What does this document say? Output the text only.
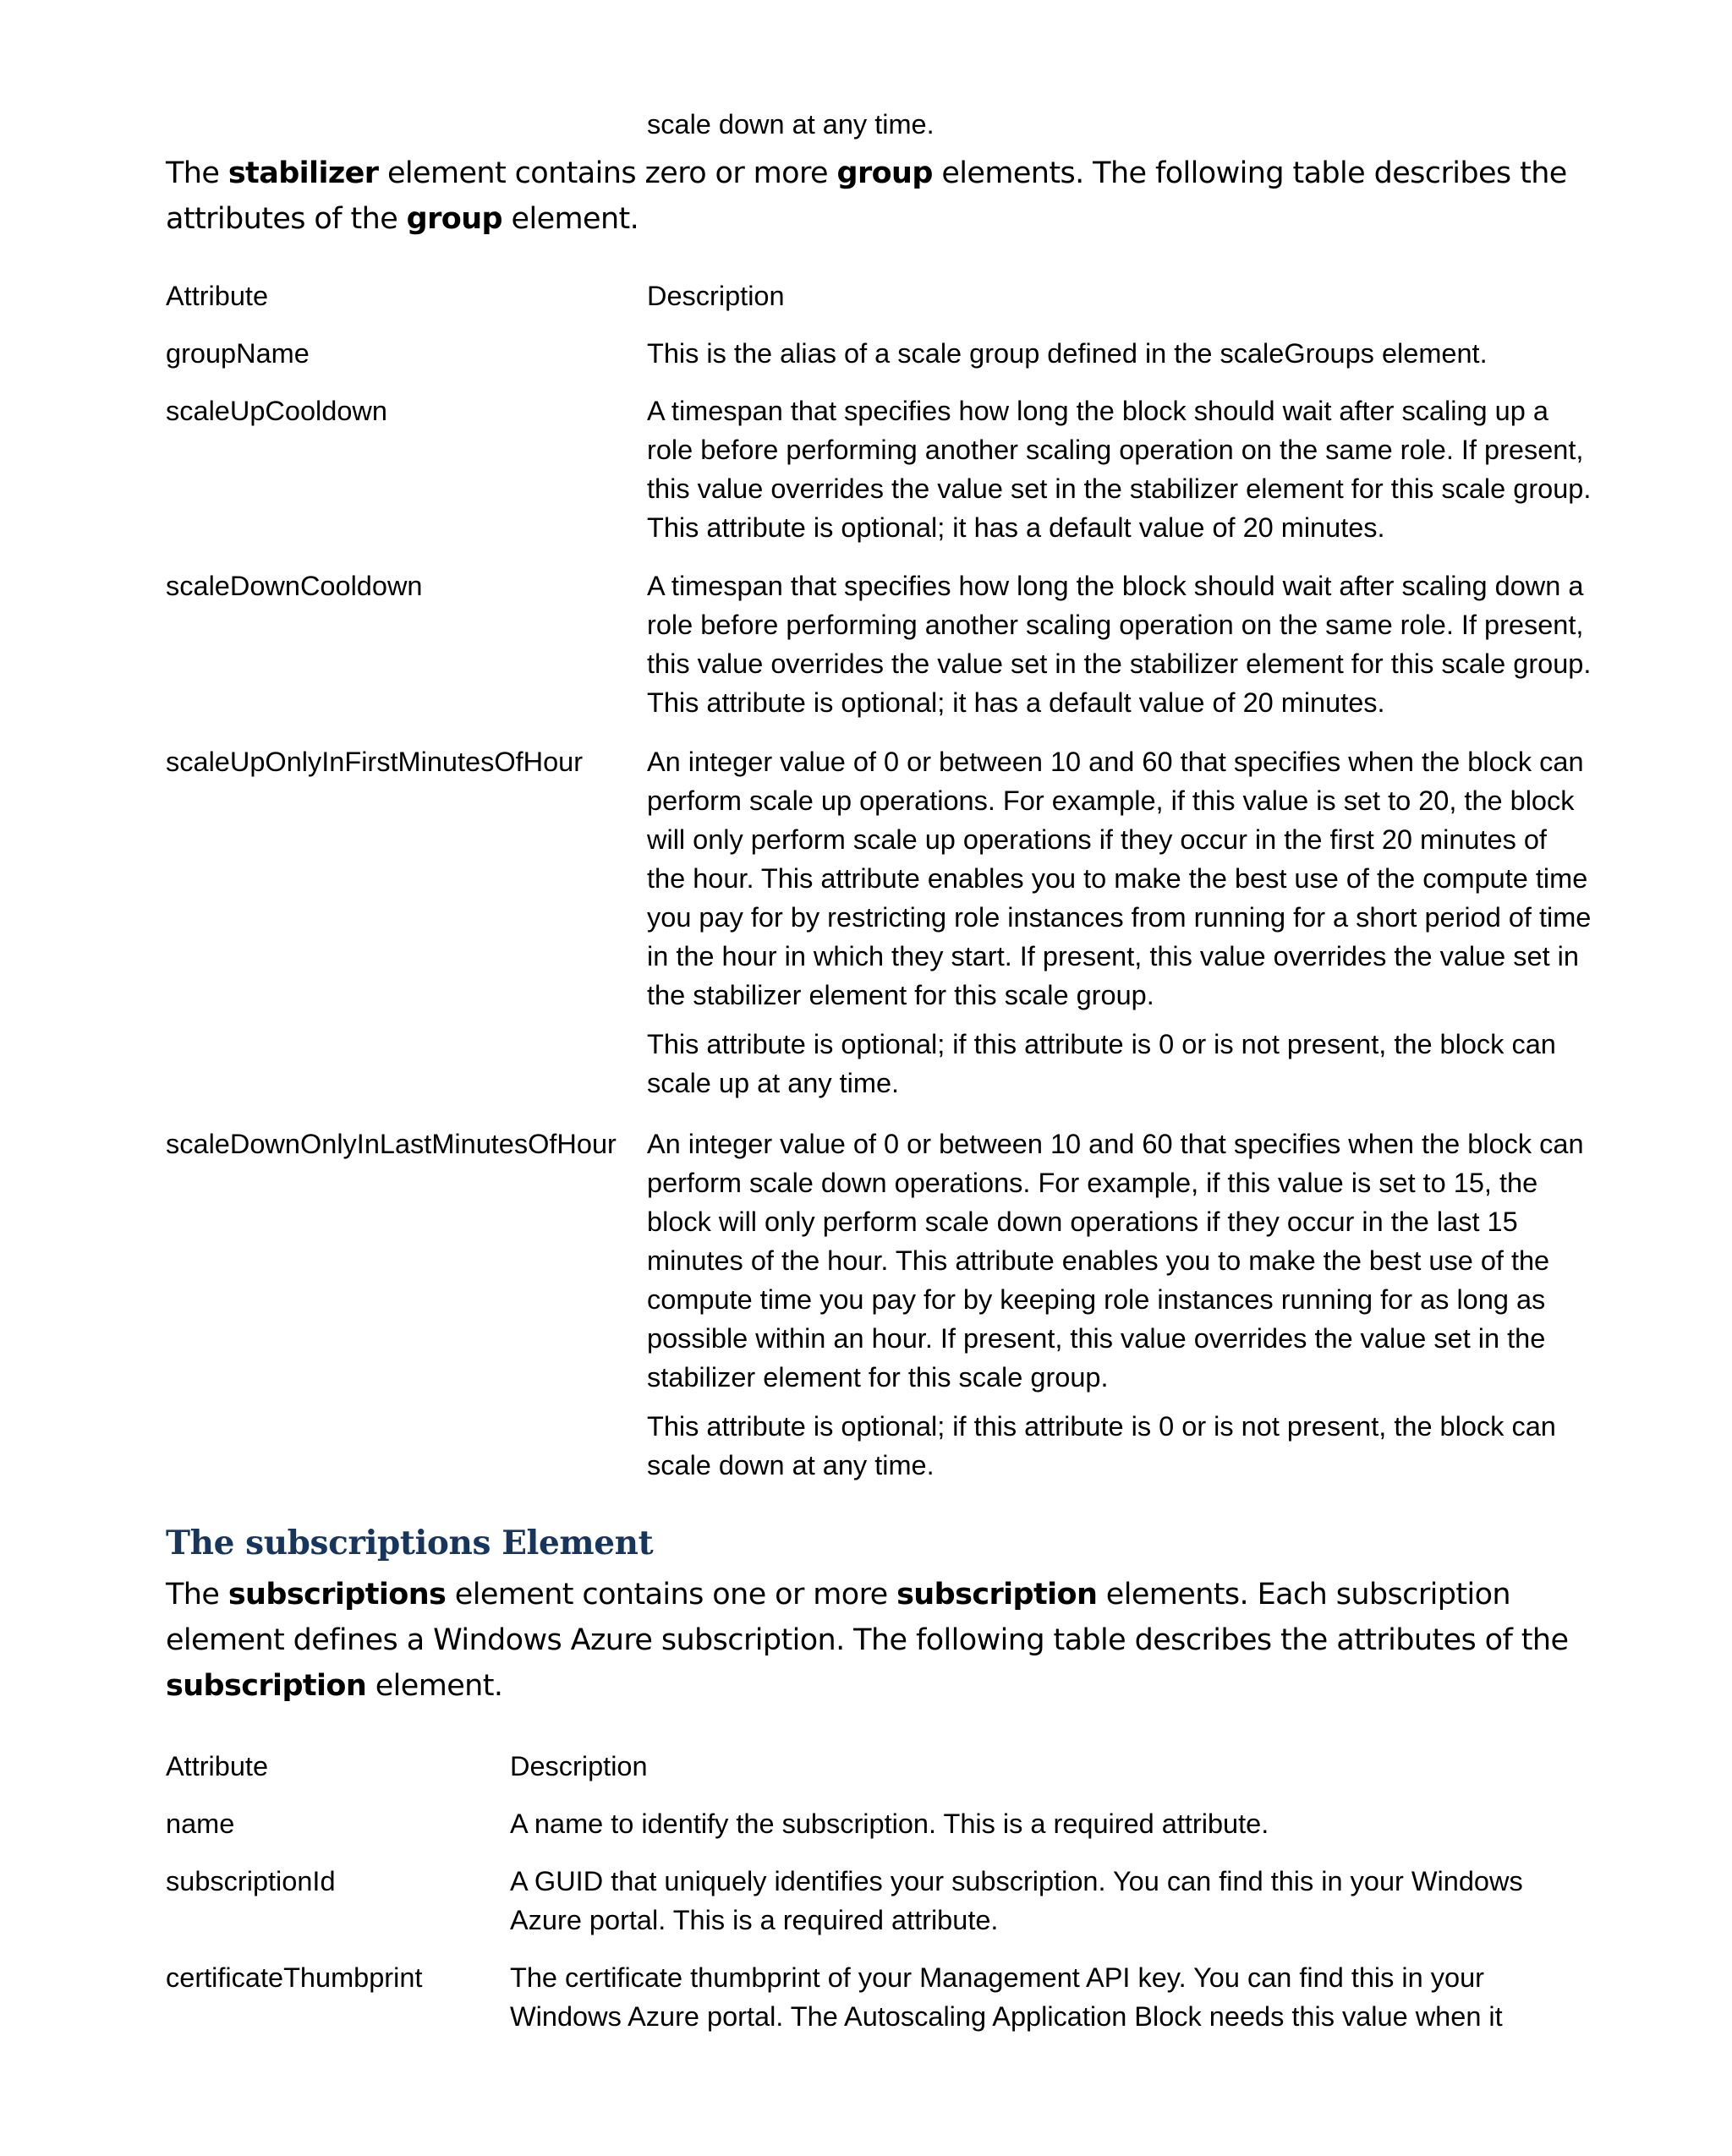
scale down at any time.
The stabilizer element contains zero or more group elements. The following table describes the attributes of the group element.
Attribute	Description
groupName	This is the alias of a scale group defined in the scaleGroups element.

scaleUpCooldown	A timespan that specifies how long the block should wait after scaling up a
role before performing another scaling operation on the same role. If present,
this value overrides the value set in the stabilizer element for this scale group.
This attribute is optional; it has a default value of 20 minutes.
scaleDownCooldown	A timespan that specifies how long the block should wait after scaling down a
role before performing another scaling operation on the same role. If present,
this value overrides the value set in the stabilizer element for this scale group.
This attribute is optional; it has a default value of 20 minutes.
scaleUpOnlyInFirstMinutesOfHour An integer value of 0 or between 10 and 60 that specifies when the block can
perform scale up operations. For example, if this value is set to 20, the block
will only perform scale up operations if they occur in the first 20 minutes of
the hour. This attribute enables you to make the best use of the compute time
you pay for by restricting role instances from running for a short period of time
in the hour in which they start. If present, this value overrides the value set in
the stabilizer element for this scale group.
This attribute is optional; if this attribute is 0 or is not present, the block can
scale up at any time.
scaleDownOnlyInLastMinutesOfHour An integer value of 0 or between 10 and 60 that specifies when the block can
perform scale down operations. For example, if this value is set to 15, the
block will only perform scale down operations if they occur in the last 15
minutes of the hour. This attribute enables you to make the best use of the
compute time you pay for by keeping role instances running for as long as
possible within an hour. If present, this value overrides the value set in the
stabilizer element for this scale group.
This attribute is optional; if this attribute is 0 or is not present, the block can
scale down at any time.
The subscriptions Element
The subscriptions element contains one or more subscription elements. Each subscription element defines a Windows Azure subscription. The following table describes the attributes of the subscription element.
Attribute	Description
name	A name to identify the subscription. This is a required attribute.
subscriptionId	A GUID that uniquely identifies your subscription. You can find this in your Windows
Azure portal. This is a required attribute.
certificateThumbprint	The certificate thumbprint of your Management API key. You can find this in your
Windows Azure portal. The Autoscaling Application Block needs this value when it
